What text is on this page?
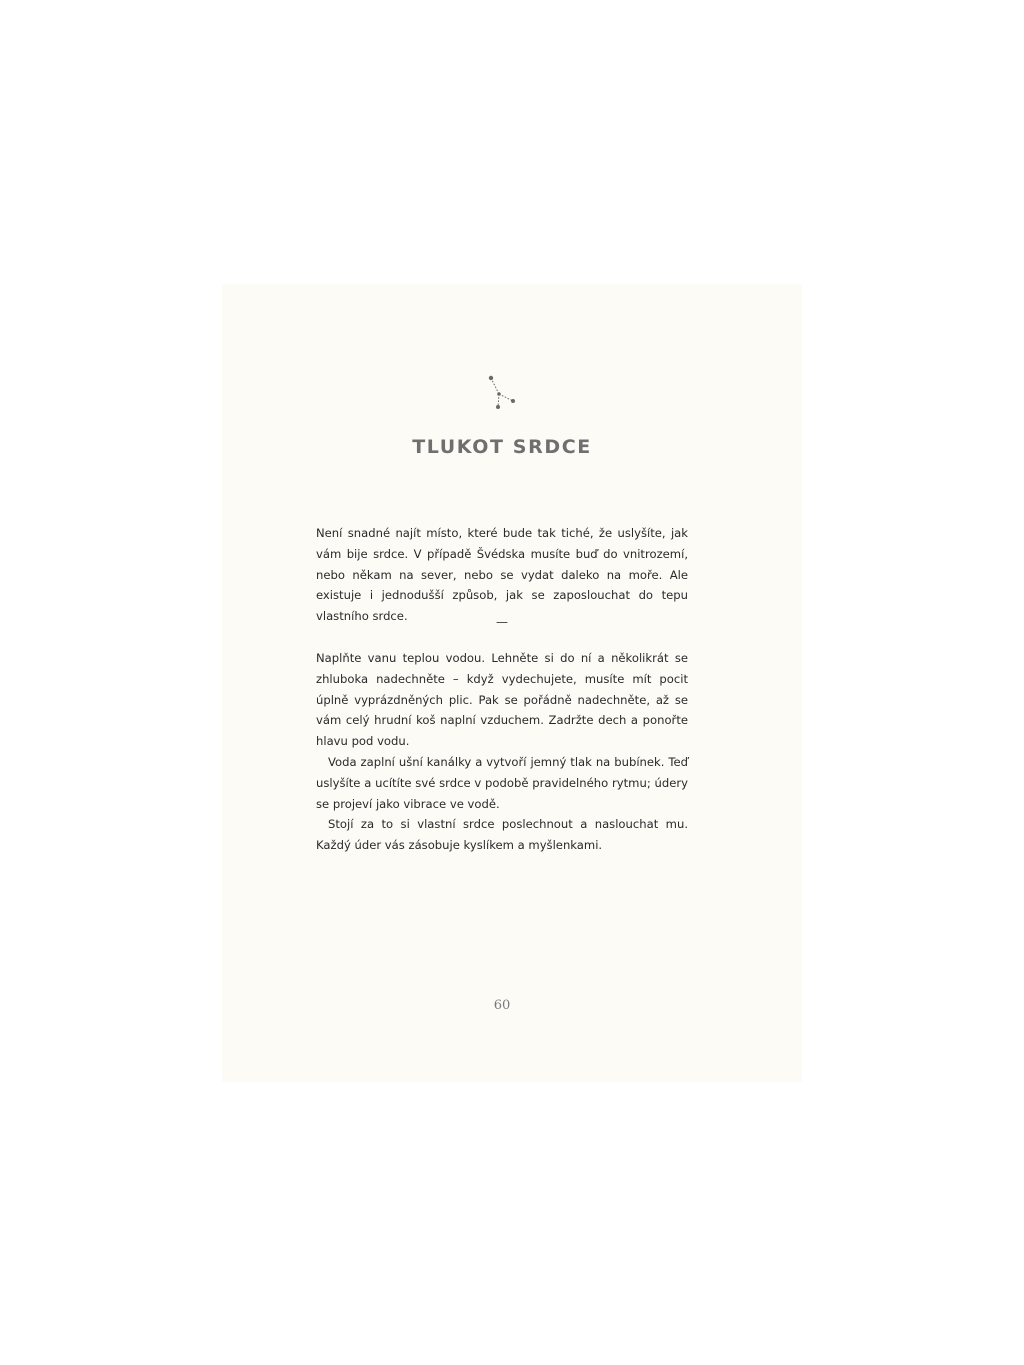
TLUKOT SRDCE

Není snadné najít místo, které bude tak tiché, že uslyšíte, jak vám bije srdce. V případě Švédska musíte buď do vnitrozemí, nebo někam na sever, nebo se vydat daleko na moře. Ale existuje i jednodušší způsob, jak se zaposlouchat do tepu vlastního srdce.	—

Naplňte vanu teplou vodou. Lehněte si do ní a několikrát se zhluboka nadechněte – když vydechujete, musíte mít pocit úplně vyprázdněných plic. Pak se pořádně nadechněte, až se vám celý hrudní koš naplní vzduchem. Zadržte dech a ponořte hlavu pod vodu.

Voda zaplní ušní kanálky a vytvoří jemný tlak na bubínek. Teď uslyšíte a ucítíte své srdce v podobě pravidelného rytmu; údery se projeví jako vibrace ve vodě.

Stojí za to si vlastní srdce poslechnout a naslouchat mu. Každý úder vás zásobuje kyslíkem a myšlenkami.

60
